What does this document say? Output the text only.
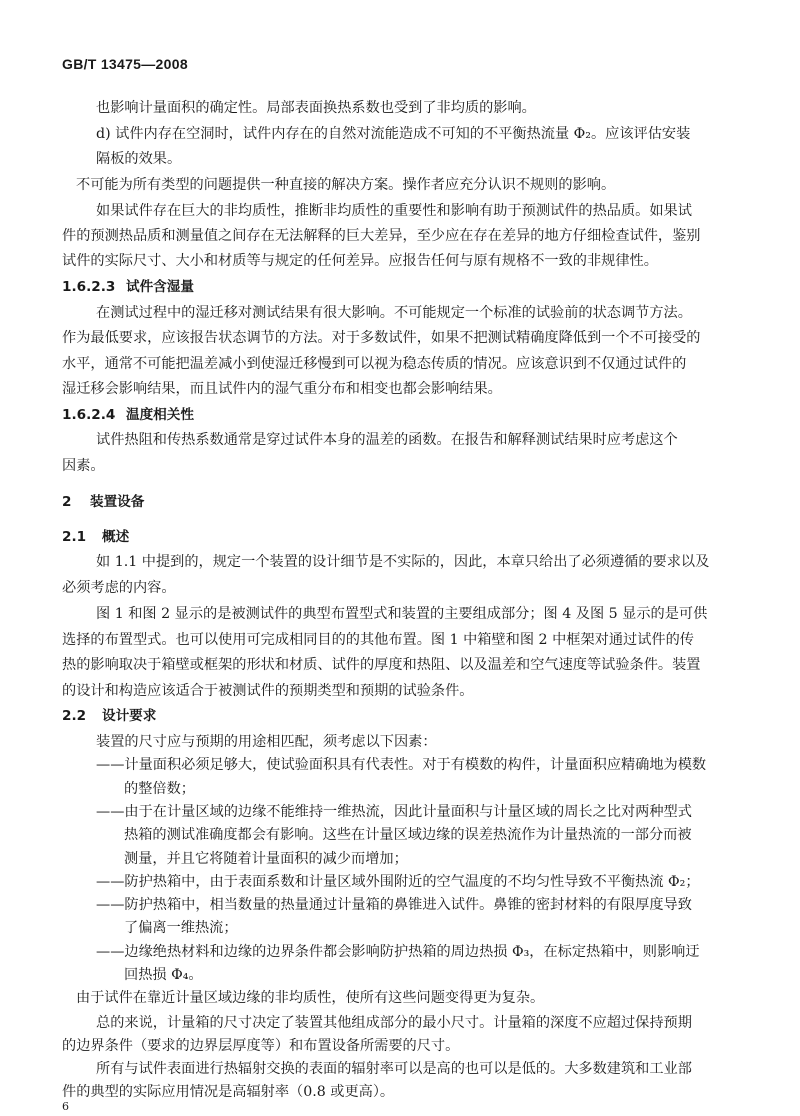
GB/T 13475—2008
也影响计量面积的确定性。局部表面换热系数也受到了非均质的影响。
d) 试件内存在空洞时，试件内存在的自然对流能造成不可知的不平衡热流量 Φ₂。应该评估安装
隔板的效果。
不可能为所有类型的问题提供一种直接的解决方案。操作者应充分认识不规则的影响。
如果试件存在巨大的非均质性，推断非均质性的重要性和影响有助于预测试件的热品质。如果试
件的预测热品质和测量值之间存在无法解释的巨大差异，至少应在存在差异的地方仔细检查试件，鉴别
试件的实际尺寸、大小和材质等与规定的任何差异。应报告任何与原有规格不一致的非规律性。
1.6.2.3 试件含湿量
在测试过程中的湿迁移对测试结果有很大影响。不可能规定一个标准的试验前的状态调节方法。
作为最低要求，应该报告状态调节的方法。对于多数试件，如果不把测试精确度降低到一个不可接受的
水平，通常不可能把温差减小到使湿迁移慢到可以视为稳态传质的情况。应该意识到不仅通过试件的
湿迁移会影响结果，而且试件内的湿气重分布和相变也都会影响结果。
1.6.2.4 温度相关性
试件热阻和传热系数通常是穿过试件本身的温差的函数。在报告和解释测试结果时应考虑这个
因素。
2 装置设备
2.1 概述
如 1.1 中提到的，规定一个装置的设计细节是不实际的，因此，本章只给出了必须遵循的要求以及
必须考虑的内容。
图 1 和图 2 显示的是被测试件的典型布置型式和装置的主要组成部分；图 4 及图 5 显示的是可供
选择的布置型式。也可以使用可完成相同目的的其他布置。图 1 中箱壁和图 2 中框架对通过试件的传
热的影响取决于箱壁或框架的形状和材质、试件的厚度和热阻、以及温差和空气速度等试验条件。装置
的设计和构造应该适合于被测试件的预期类型和预期的试验条件。
2.2 设计要求
装置的尺寸应与预期的用途相匹配，须考虑以下因素：
——计量面积必须足够大，使试验面积具有代表性。对于有模数的构件，计量面积应精确地为模数
的整倍数；
——由于在计量区域的边缘不能维持一维热流，因此计量面积与计量区域的周长之比对两种型式
热箱的测试准确度都会有影响。这些在计量区域边缘的误差热流作为计量热流的一部分而被
测量，并且它将随着计量面积的减少而增加；
——防护热箱中，由于表面系数和计量区域外围附近的空气温度的不均匀性导致不平衡热流 Φ₂；
——防护热箱中，相当数量的热量通过计量箱的鼻锥进入试件。鼻锥的密封材料的有限厚度导致
了偏离一维热流；
——边缘绝热材料和边缘的边界条件都会影响防护热箱的周边热损 Φ₃，在标定热箱中，则影响迂
回热损 Φ₄。
由于试件在靠近计量区域边缘的非均质性，使所有这些问题变得更为复杂。
总的来说，计量箱的尺寸决定了装置其他组成部分的最小尺寸。计量箱的深度不应超过保持预期
的边界条件（要求的边界层厚度等）和布置设备所需要的尺寸。
所有与试件表面进行热辐射交换的表面的辐射率可以是高的也可以是低的。大多数建筑和工业部
件的典型的实际应用情况是高辐射率（0.8 或更高）。
6
